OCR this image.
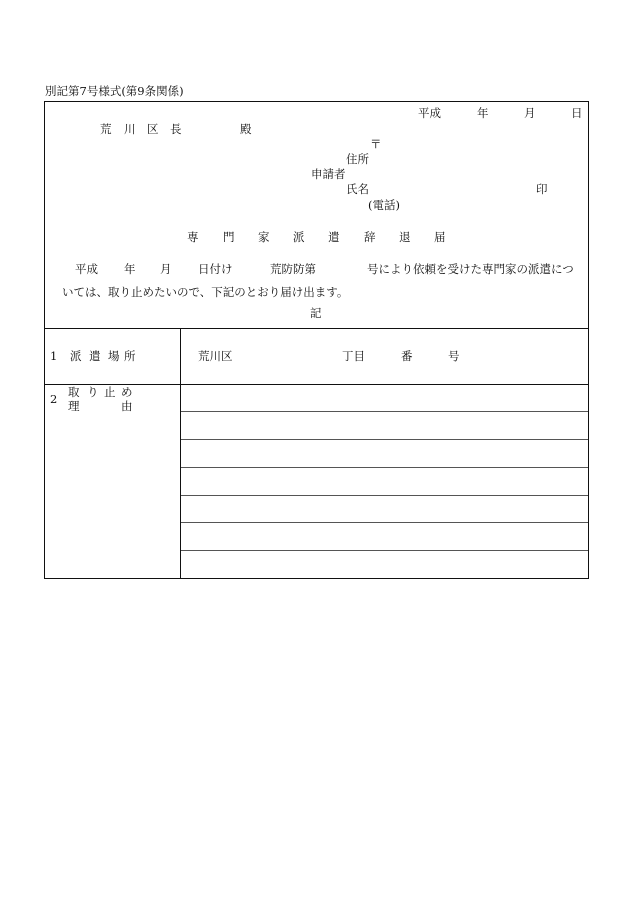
別記第7号様式(第9条関係)
平成	年	月	日
荒 川 区 長	殿
〒
住所
申請者
氏名	印
(電話)
専 門 家 派 遣 辞 退 届
平成 年 月 日付け	荒防防第	号により依頼を受けた専門家の派遣につ
いては、取り止めたいので、下記のとおり届け出ます。
記
1 派 遣 場 所	荒川区	丁目	番	号
2 取 り 止 め
理	由
